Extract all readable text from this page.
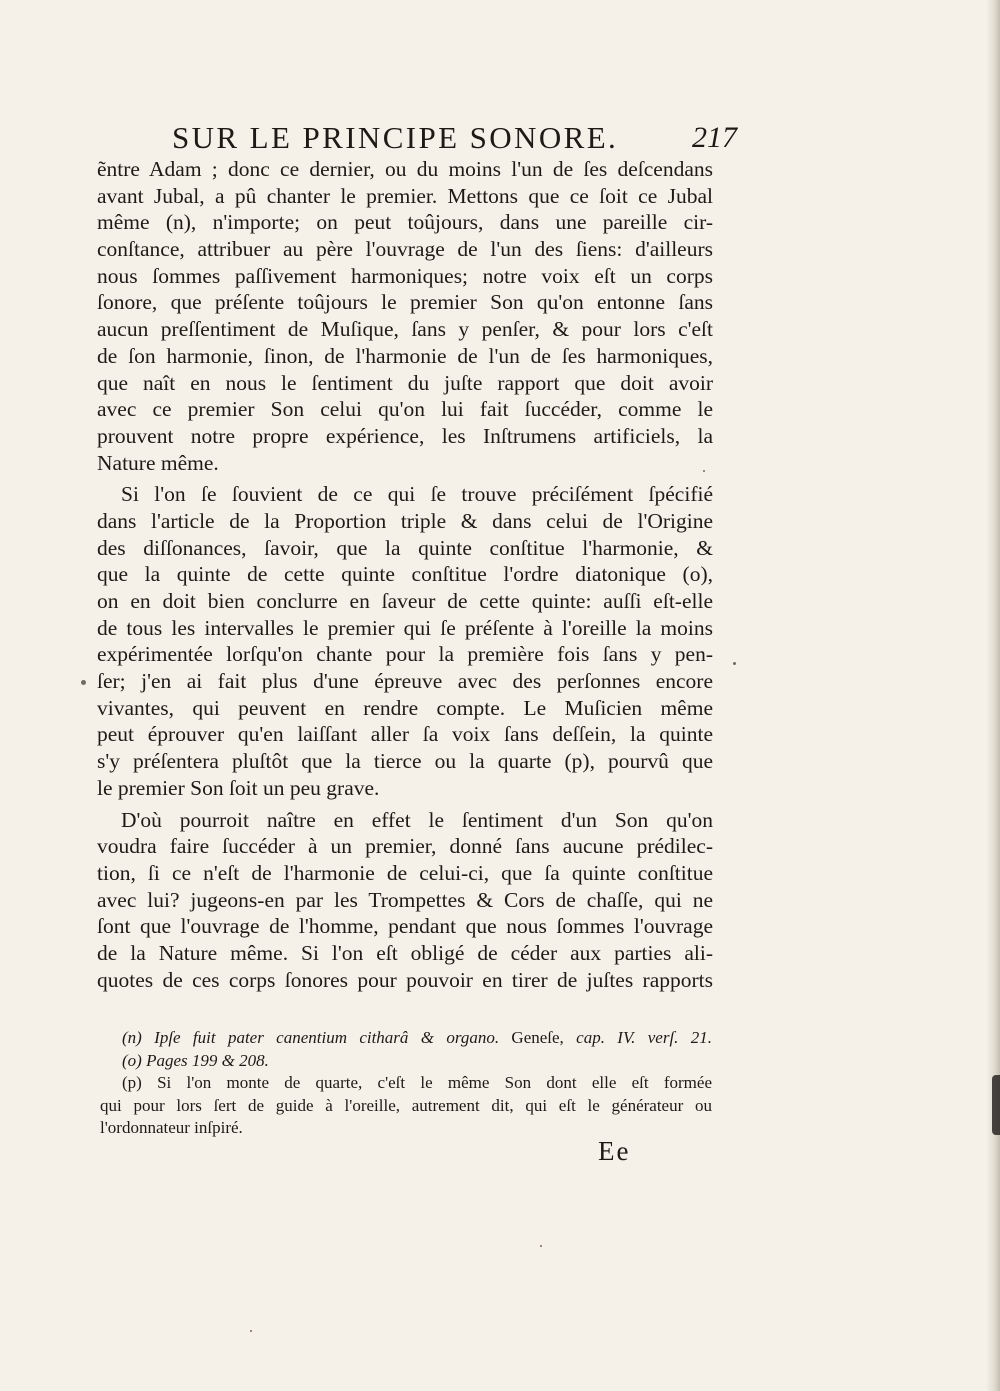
SUR LE PRINCIPE SONORE. 217
ẽntre Adam ; donc ce dernier, ou du moins l'un de ſes deſcendans
avant Jubal, a pû chanter le premier. Mettons que ce ſoit ce Jubal
même (n), n'importe; on peut toûjours, dans une pareille cir-
conſtance, attribuer au père l'ouvrage de l'un des ſiens: d'ailleurs
nous ſommes paſſivement harmoniques; notre voix eſt un corps
ſonore, que préſente toûjours le premier Son qu'on entonne ſans
aucun preſſentiment de Muſique, ſans y penſer, & pour lors c'eſt
de ſon harmonie, ſinon, de l'harmonie de l'un de ſes harmoniques,
que naît en nous le ſentiment du juſte rapport que doit avoir
avec ce premier Son celui qu'on lui fait ſuccéder, comme le
prouvent notre propre expérience, les Inſtrumens artificiels, la
Nature même.
Si l'on ſe ſouvient de ce qui ſe trouve préciſément ſpécifié
dans l'article de la Proportion triple & dans celui de l'Origine
des diſſonances, ſavoir, que la quinte conſtitue l'harmonie, &
que la quinte de cette quinte conſtitue l'ordre diatonique (o),
on en doit bien conclurre en ſaveur de cette quinte: auſſi eſt-elle
de tous les intervalles le premier qui ſe préſente à l'oreille la moins
expérimentée lorſqu'on chante pour la première fois ſans y pen-
ſer; j'en ai fait plus d'une épreuve avec des perſonnes encore
vivantes, qui peuvent en rendre compte. Le Muſicien même
peut éprouver qu'en laiſſant aller ſa voix ſans deſſein, la quinte
s'y préſentera pluſtôt que la tierce ou la quarte (p), pourvû que
le premier Son ſoit un peu grave.
D'où pourroit naître en effet le ſentiment d'un Son qu'on
voudra faire ſuccéder à un premier, donné ſans aucune prédilec-
tion, ſi ce n'eſt de l'harmonie de celui-ci, que ſa quinte conſtitue
avec lui? jugeons-en par les Trompettes & Cors de chaſſe, qui ne
ſont que l'ouvrage de l'homme, pendant que nous ſommes l'ouvrage
de la Nature même. Si l'on eſt obligé de céder aux parties ali-
quotes de ces corps ſonores pour pouvoir en tirer de juſtes rapports
(n) Ipſe fuit pater canentium citharâ & organo. Geneſe, cap. IV. verſ. 21.
(o) Pages 199 & 208.
(p) Si l'on monte de quarte, c'eſt le même Son dont elle eſt formée
qui pour lors ſert de guide à l'oreille, autrement dit, qui eſt le générateur ou
l'ordonnateur inſpiré.
Ee
